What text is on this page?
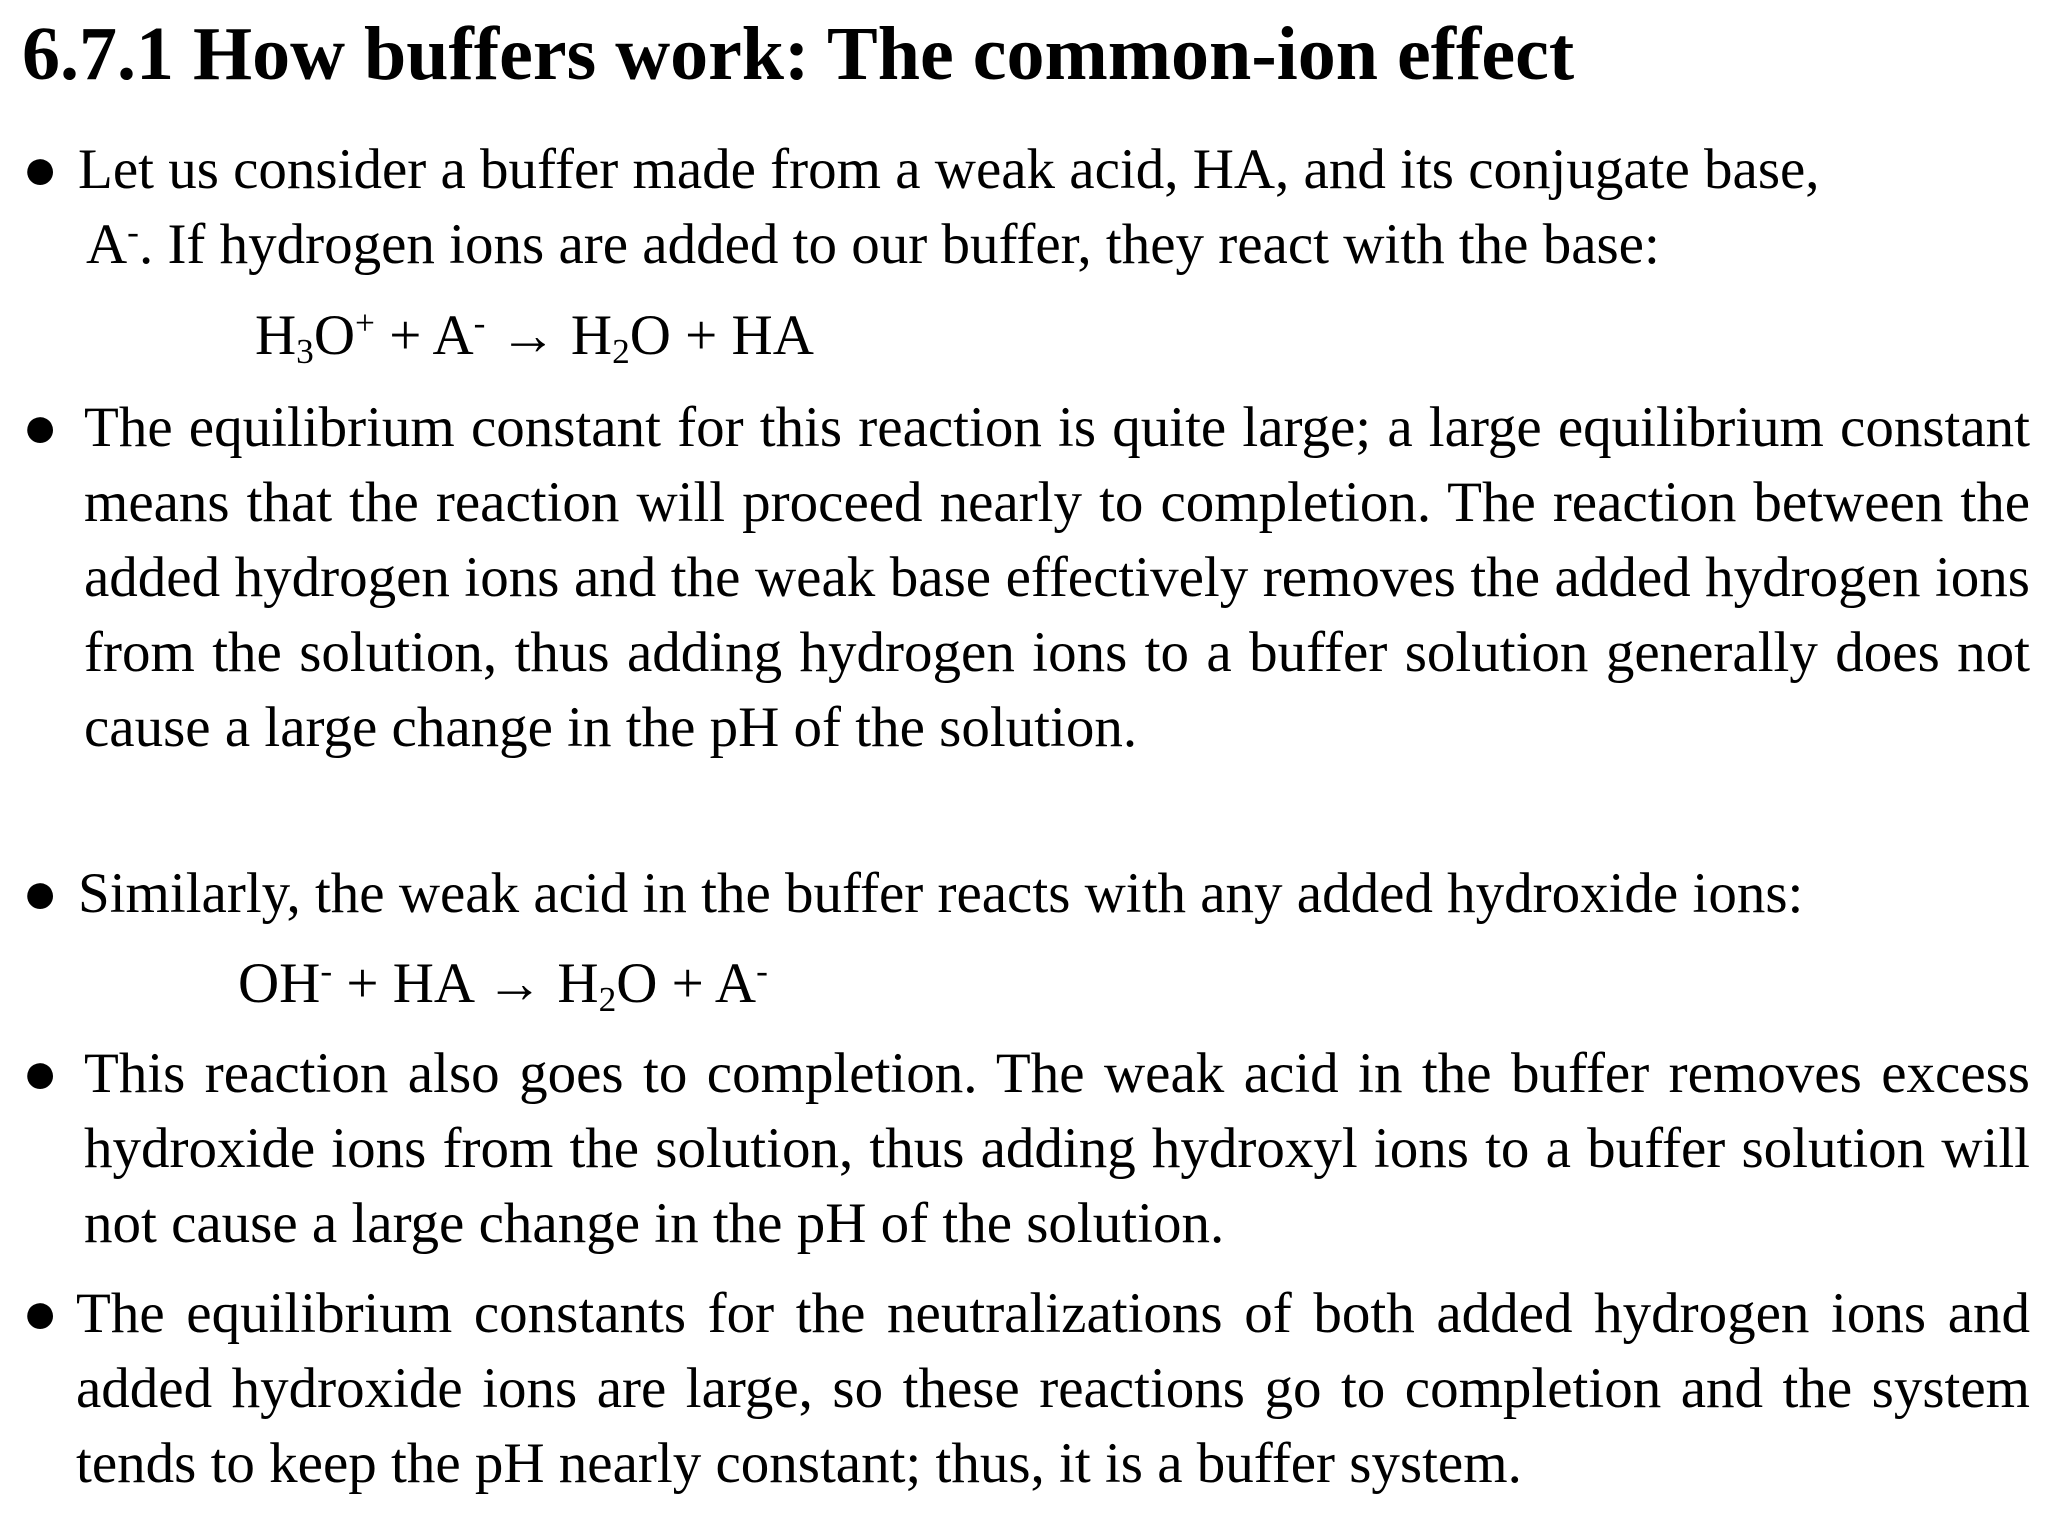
6.7.1 How buffers work: The common-ion effect
● Let us consider a buffer made from a weak acid, HA, and its conjugate base,
A-. If hydrogen ions are added to our buffer, they react with the base:
$H_3O^+ + A^- \to H_2O$ + HA
● The equilibrium constant for this reaction is quite large; a large equilibrium constant means that the reaction will proceed nearly to completion. The reaction between the added hydrogen ions and the weak base effectively removes the added hydrogen ions from the solution, thus adding hydrogen ions to a buffer solution generally does not cause a large change in the pH of the solution.
● Similarly, the weak acid in the buffer reacts with any added hydroxide ions:
OH- + HA → $H_2O + A^-$
● This reaction also goes to completion. The weak acid in the buffer removes excess hydroxide ions from the solution, thus adding hydroxyl ions to a buffer solution will not cause a large change in the pH of the solution.
● The equilibrium constants for the neutralizations of both added hydrogen ions and added hydroxide ions are large, so these reactions go to completion and the system tends to keep the pH nearly constant; thus, it is a buffer system.
